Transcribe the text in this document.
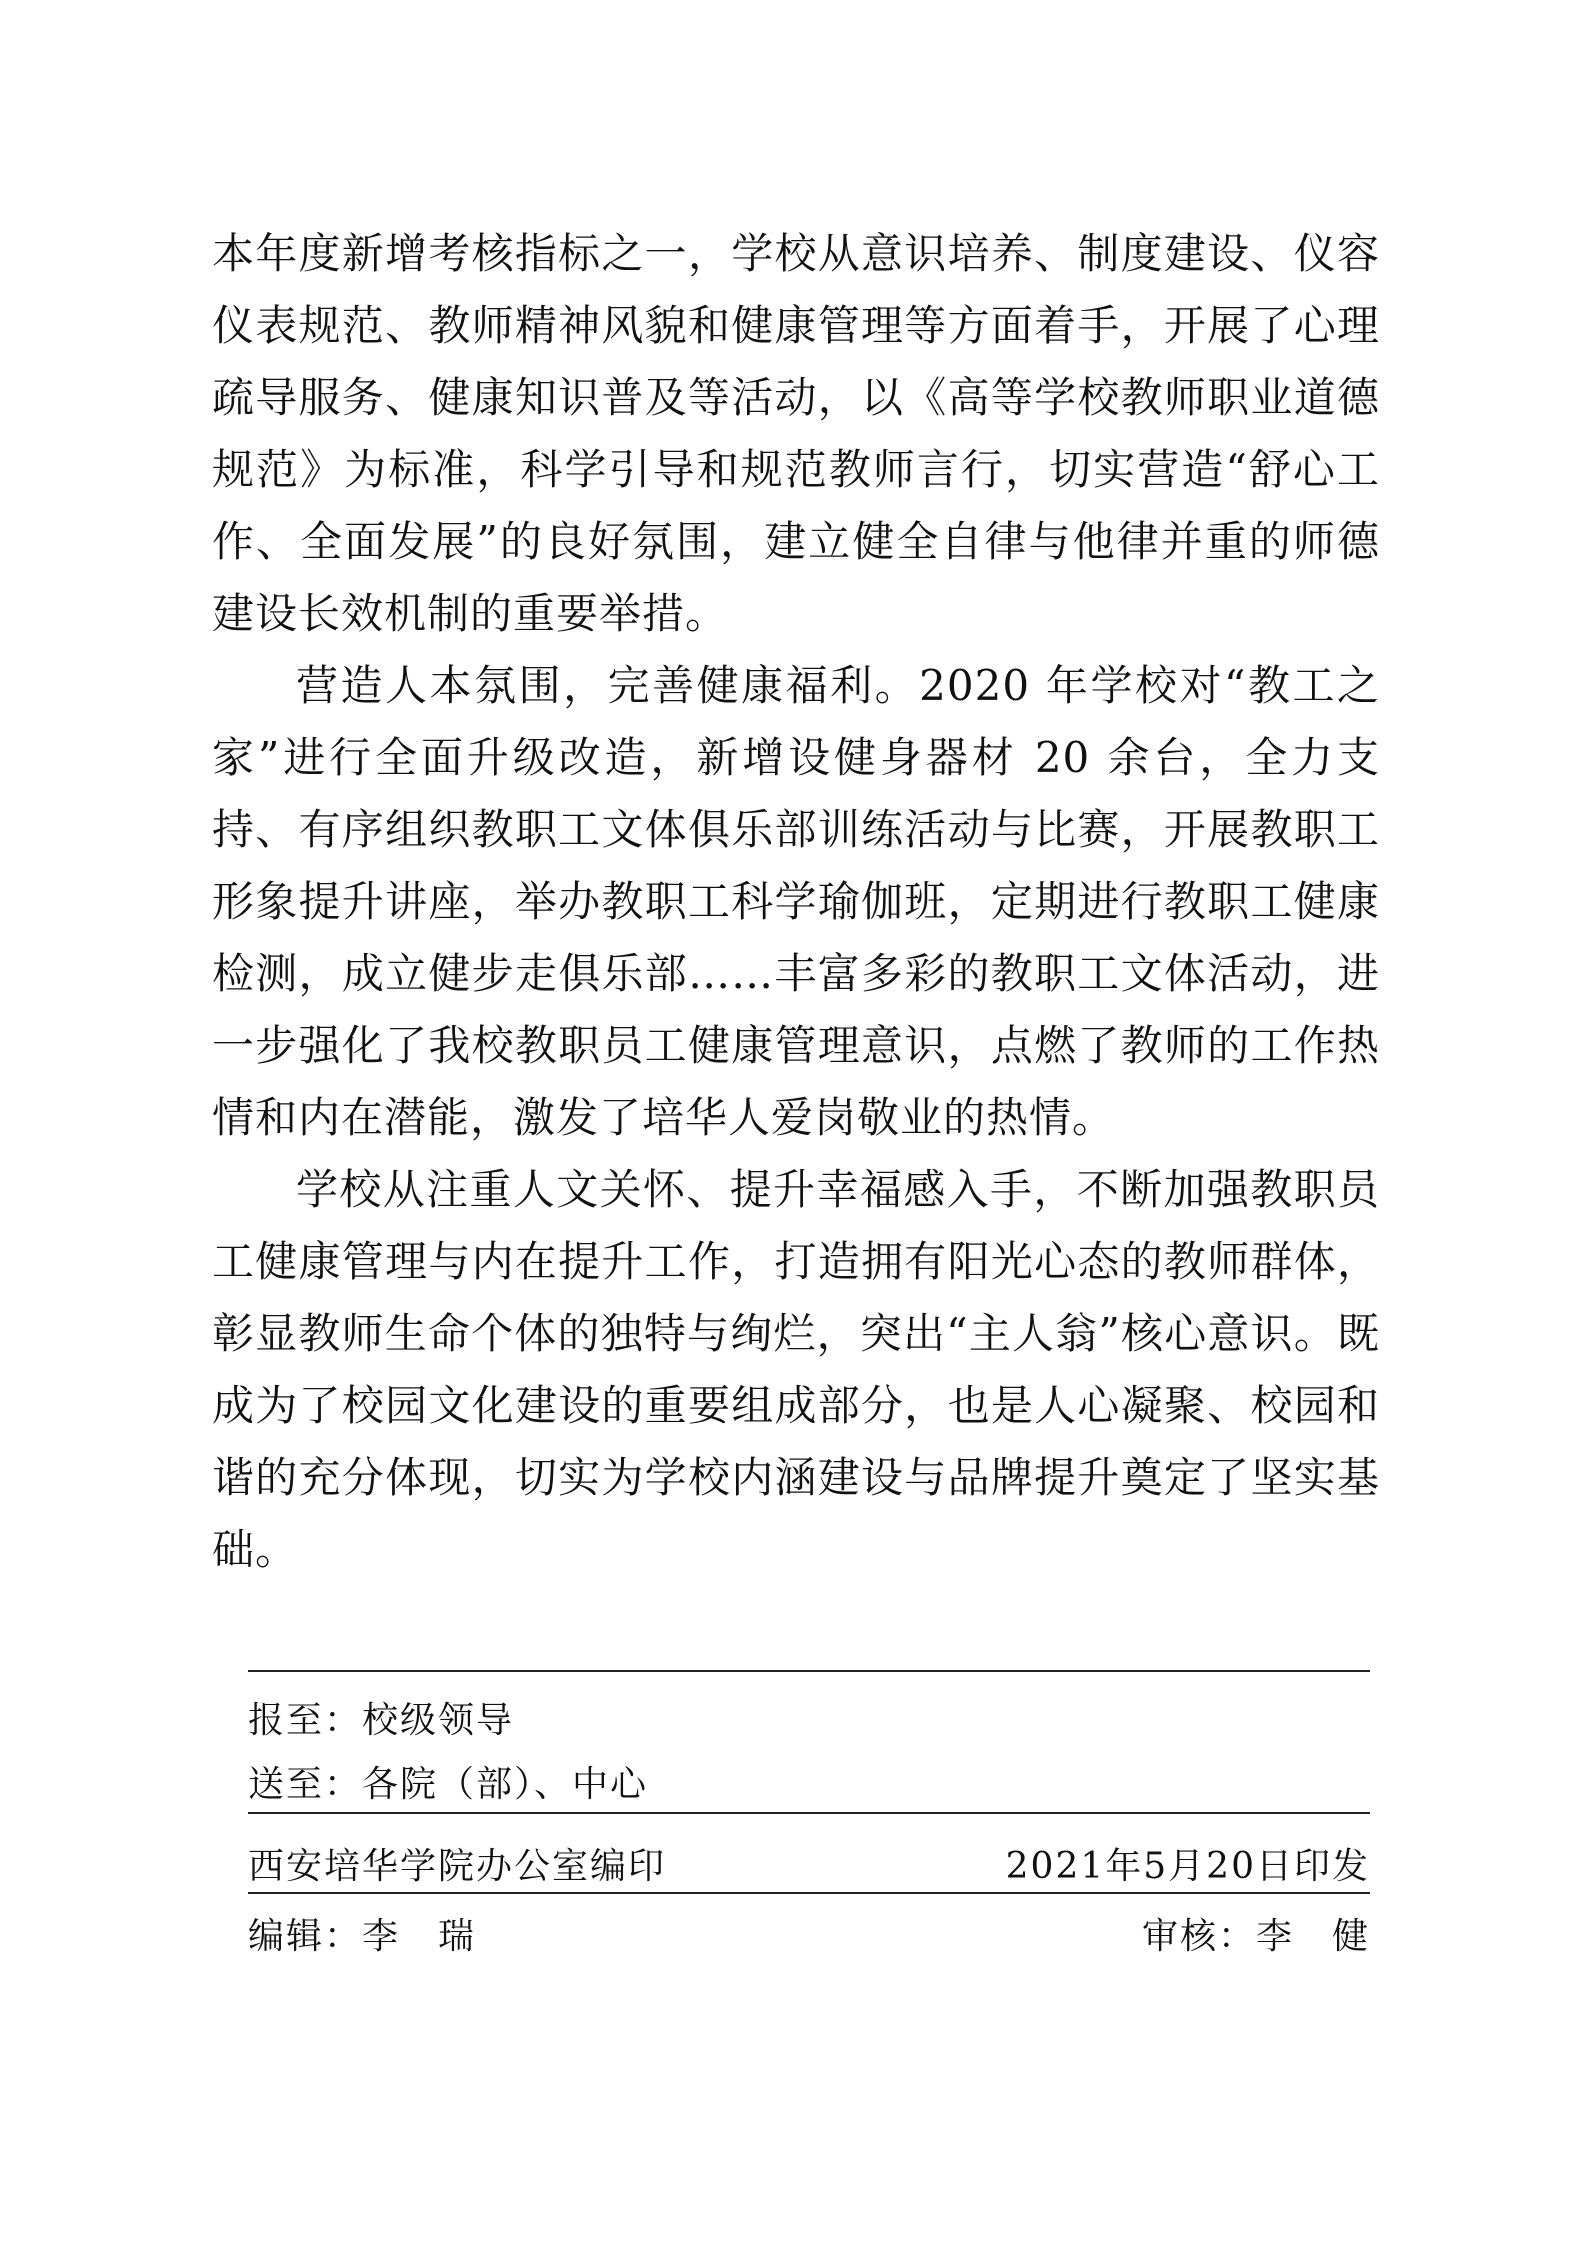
本年度新增考核指标之一，学校从意识培养、制度建设、仪容仪表规范、教师精神风貌和健康管理等方面着手，开展了心理疏导服务、健康知识普及等活动，以《高等学校教师职业道德规范》为标准，科学引导和规范教师言行，切实营造“舒心工作、全面发展”的良好氛围，建立健全自律与他律并重的师德建设长效机制的重要举措。

营造人本氛围，完善健康福利。2020 年学校对“教工之家”进行全面升级改造，新增设健身器材 20 余台，全力支持、有序组织教职工文体俱乐部训练活动与比赛，开展教职工形象提升讲座，举办教职工科学瑜伽班，定期进行教职工健康检测，成立健步走俱乐部……丰富多彩的教职工文体活动，进一步强化了我校教职员工健康管理意识，点燃了教师的工作热情和内在潜能，激发了培华人爱岗敬业的热情。

学校从注重人文关怀、提升幸福感入手，不断加强教职员工健康管理与内在提升工作，打造拥有阳光心态的教师群体，彰显教师生命个体的独特与绚烂，突出“主人翁”核心意识。既成为了校园文化建设的重要组成部分，也是人心凝聚、校园和谐的充分体现，切实为学校内涵建设与品牌提升奠定了坚实基础。

报至：校级领导
送至：各院（部）、中心
西安培华学院办公室编印	2021年5月20日印发
编辑：李　瑞	审核：李　健
